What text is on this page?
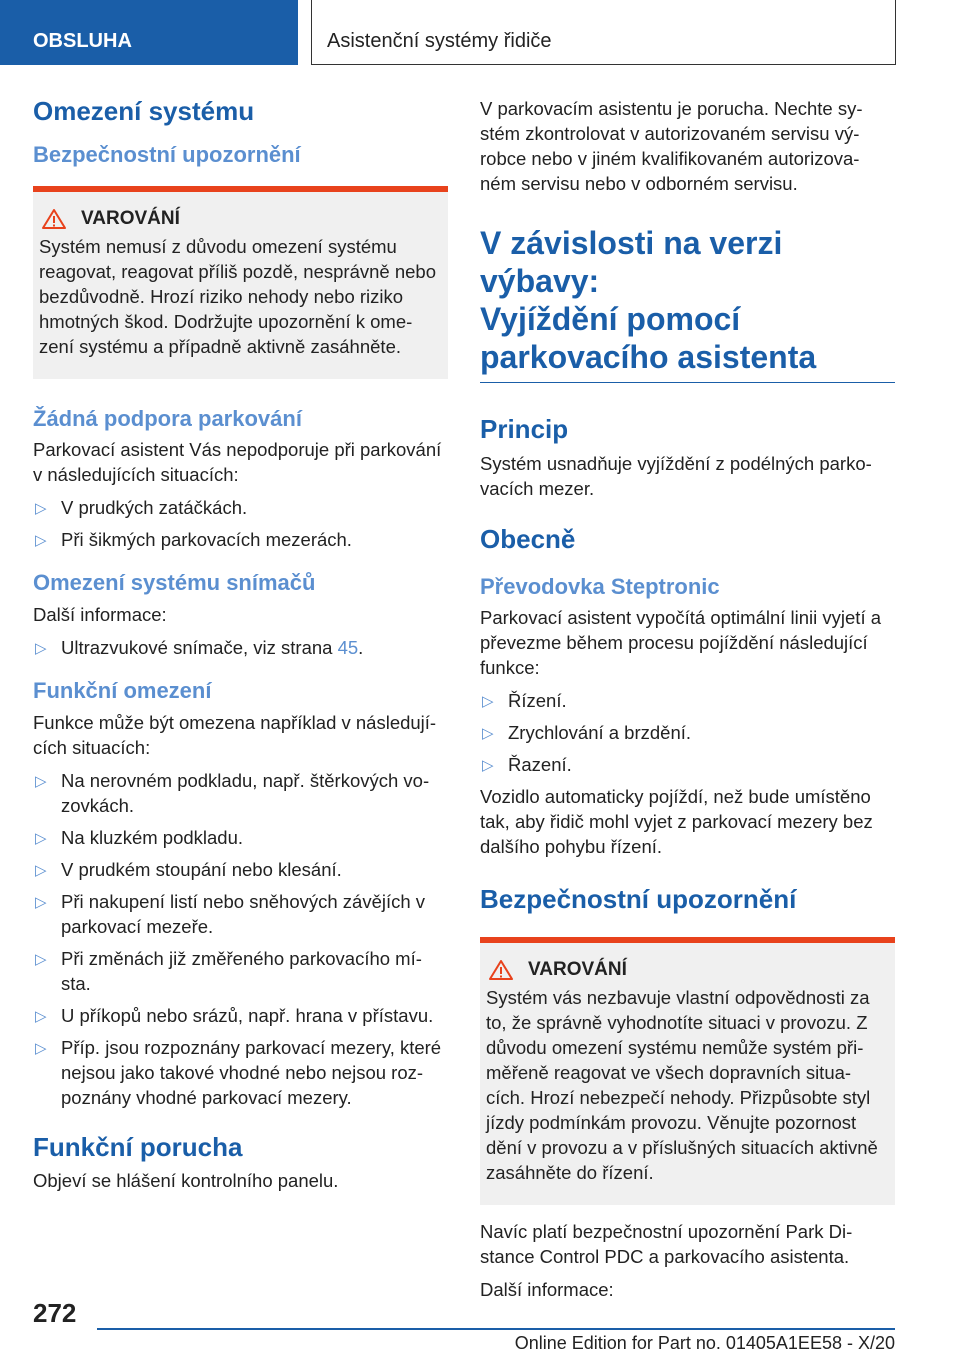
OBSLUHA	Asistenční systémy řidiče
Omezení systému
Bezpečnostní upozornění
VAROVÁNÍ

Systém nemusí z důvodu omezení systému

reagovat, reagovat příliš pozdě, nesprávně nebo

bezdůvodně. Hrozí riziko nehody nebo riziko

hmotných škod. Dodržujte upozornění k ome-

zení systému a případně aktivně zasáhněte.

Žádná podpora parkování

Parkovací asistent Vás nepodporuje při parkování

v následujících situacích:

▷ V prudkých zatáčkách.
▷ Při šikmých parkovacích mezerách.
Omezení systému snímačů

Další informace:

▷ Ultrazvukové snímače, viz strana 45.
Funkční omezení

Funkce může být omezena například v následují-

cích situacích:

▷ Na nerovném podkladu, např. štěrkových vo-
zovkách.
▷ Na kluzkém podkladu.
▷ V prudkém stoupání nebo klesání.
▷ Při nakupení listí nebo sněhových závějích v
parkovací mezeře.
▷ Při změnách již změřeného parkovacího mí-
sta.
▷ U příkopů nebo srázů, např. hrana v přístavu.
▷ Příp. jsou rozpoznány parkovací mezery, které
nejsou jako takové vhodné nebo nejsou roz-
poznány vhodné parkovací mezery.
Funkční porucha

Objeví se hlášení kontrolního panelu.

V parkovacím asistentu je porucha. Nechte sy-

stém zkontrolovat v autorizovaném servisu vý-

robce nebo v jiném kvalifikovaném autorizova-

ném servisu nebo v odborném servisu.

V závislosti na verzi výbavy:
Vyjíždění pomocí
parkovacího asistenta
Princip

Systém usnadňuje vyjíždění z podélných parko-

vacích mezer.

Obecně
Převodovka Steptronic

Parkovací asistent vypočítá optimální linii vyjetí a

převezme během procesu pojíždění následující

funkce:

▷ Řízení.
▷ Zrychlování a brzdění.
▷ Řazení.

Vozidlo automaticky pojíždí, než bude umístěno

tak, aby řidič mohl vyjet z parkovací mezery bez

dalšího pohybu řízení.

Bezpečnostní upozornění
VAROVÁNÍ

Systém vás nezbavuje vlastní odpovědnosti za

to, že správně vyhodnotíte situaci v provozu. Z

důvodu omezení systému nemůže systém při-

měřeně reagovat ve všech dopravních situa-

cích. Hrozí nebezpečí nehody. Přizpůsobte styl

jízdy podmínkám provozu. Věnujte pozornost

dění v provozu a v příslušných situacích aktivně

zasáhněte do řízení.

Navíc platí bezpečnostní upozornění Park Di-

stance Control PDC a parkovacího asistenta.

Další informace:

272
Online Edition for Part no. 01405A1EE58 - X/20
